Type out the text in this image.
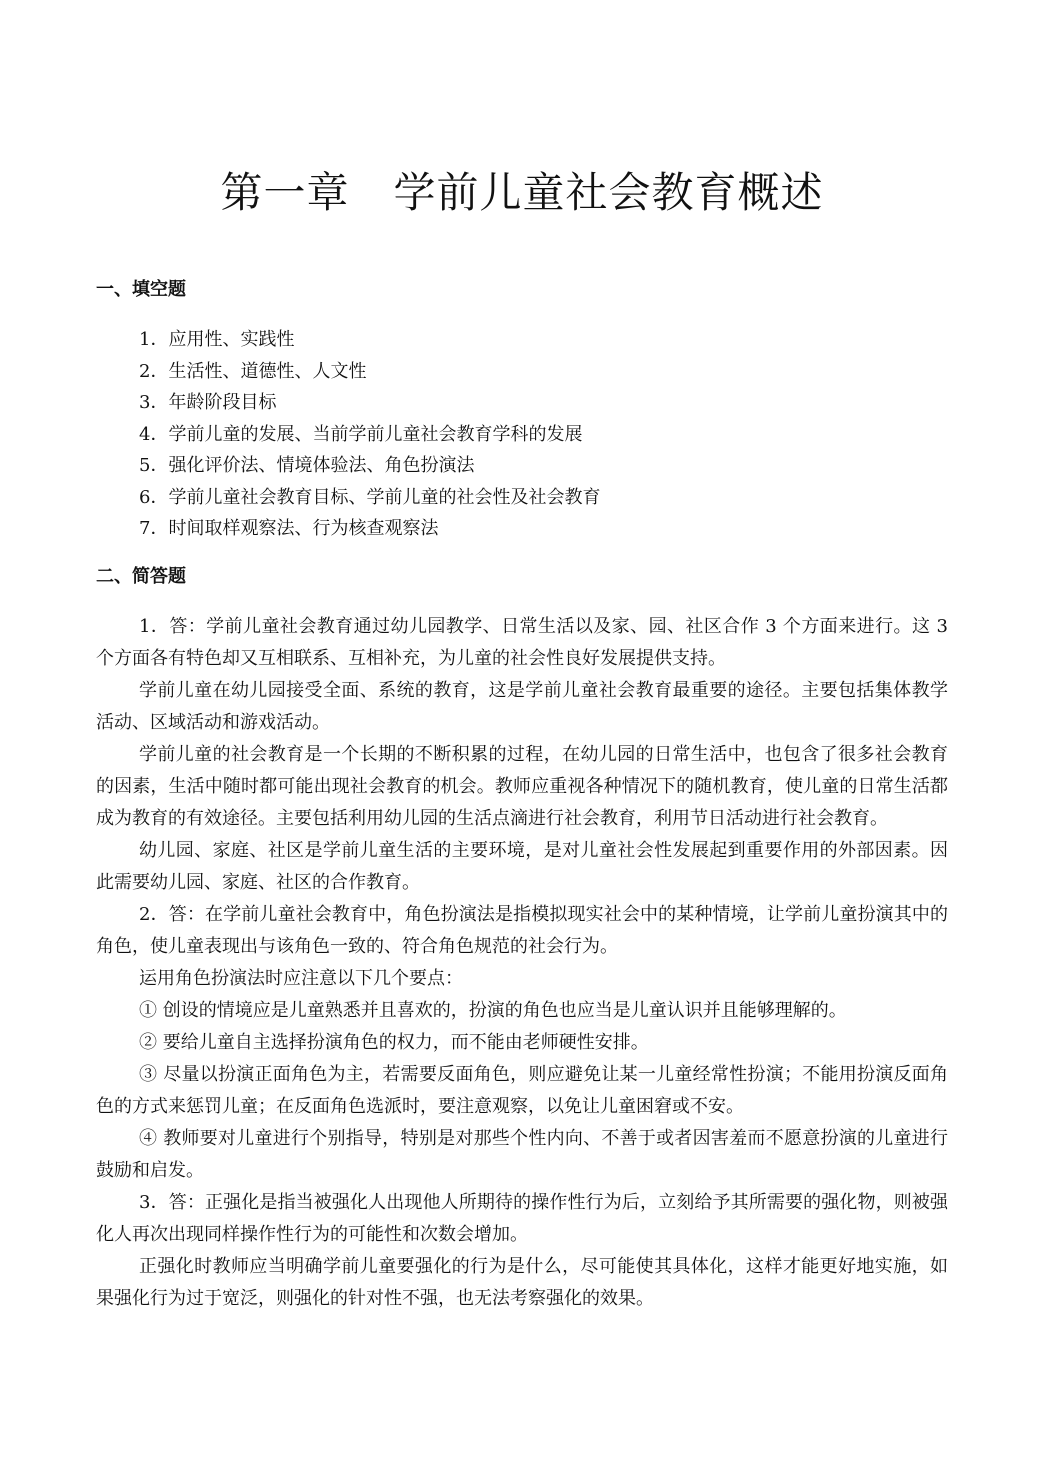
第一章 学前儿童社会教育概述
一、填空题
1．应用性、实践性
2．生活性、道德性、人文性
3．年龄阶段目标
4．学前儿童的发展、当前学前儿童社会教育学科的发展
5．强化评价法、情境体验法、角色扮演法
6．学前儿童社会教育目标、学前儿童的社会性及社会教育
7．时间取样观察法、行为核查观察法
二、简答题

1．答：学前儿童社会教育通过幼儿园教学、日常生活以及家、园、社区合作 3 个方面来进行。这 3 个方面各有特色却又互相联系、互相补充，为儿童的社会性良好发展提供支持。

学前儿童在幼儿园接受全面、系统的教育，这是学前儿童社会教育最重要的途径。主要包括集体教学活动、区域活动和游戏活动。

学前儿童的社会教育是一个长期的不断积累的过程，在幼儿园的日常生活中，也包含了很多社会教育的因素，生活中随时都可能出现社会教育的机会。教师应重视各种情况下的随机教育，使儿童的日常生活都成为教育的有效途径。主要包括利用幼儿园的生活点滴进行社会教育，利用节日活动进行社会教育。

幼儿园、家庭、社区是学前儿童生活的主要环境，是对儿童社会性发展起到重要作用的外部因素。因此需要幼儿园、家庭、社区的合作教育。

2．答：在学前儿童社会教育中，角色扮演法是指模拟现实社会中的某种情境，让学前儿童扮演其中的角色，使儿童表现出与该角色一致的、符合角色规范的社会行为。

运用角色扮演法时应注意以下几个要点：

① 创设的情境应是儿童熟悉并且喜欢的，扮演的角色也应当是儿童认识并且能够理解的。

② 要给儿童自主选择扮演角色的权力，而不能由老师硬性安排。

③ 尽量以扮演正面角色为主，若需要反面角色，则应避免让某一儿童经常性扮演；不能用扮演反面角色的方式来惩罚儿童；在反面角色选派时，要注意观察，以免让儿童困窘或不安。

④ 教师要对儿童进行个别指导，特别是对那些个性内向、不善于或者因害羞而不愿意扮演的儿童进行鼓励和启发。

3．答：正强化是指当被强化人出现他人所期待的操作性行为后，立刻给予其所需要的强化物，则被强化人再次出现同样操作性行为的可能性和次数会增加。

正强化时教师应当明确学前儿童要强化的行为是什么，尽可能使其具体化，这样才能更好地实施，如果强化行为过于宽泛，则强化的针对性不强，也无法考察强化的效果。
